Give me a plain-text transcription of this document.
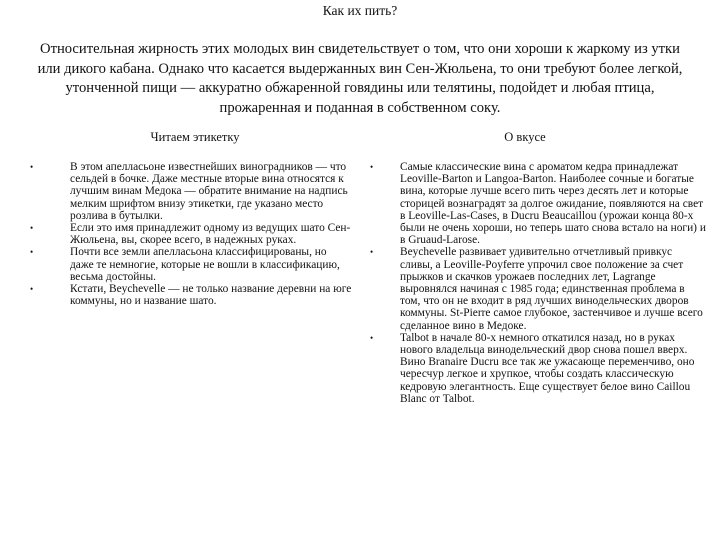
Как их пить?
Относительная жирность этих молодых вин свидетельствует о том, что они хороши к жаркому из утки или дикого кабана. Однако что касается выдержанных вин Сен-Жюльена, то они требуют более легкой, утонченной пищи — аккуратно обжаренной говядины или телятины, подойдет и любая птица, прожаренная и поданная в собственном соку.
Читаем этикетку	О вкусе
•	В этом апелласьоне известнейших виноградников — что сельдей в бочке. Даже местные вторые вина относятся к лучшим винам Медока — обратите внимание на надпись мелким шрифтом внизу этикетки, где указано место розлива в бутылки.
•	Если это имя принадлежит одному из ведущих шато Сен-Жюльена, вы, скорее всего, в надежных руках.
•	Почти все земли апелласьона классифицированы, но даже те немногие, которые не вошли в классификацию, весьма достойны.
•	Кстати, Beychevelle — не только название деревни на юге коммуны, но и название шато.
• Самые классические вина с ароматом кедра принадлежат Leoville-Barton и Langoa-Barton. Наиболее сочные и богатые вина, которые лучше всего пить через десять лет и которые сторицей вознаградят за долгое ожидание, появляются на свет в Leoville-Las-Cases, в Ducru Beaucaillou (урожаи конца 80-х были не очень хороши, но теперь шато снова встало на ноги) и в Gruaud-Larose.
• Beychevelle развивает удивительно отчетливый привкус сливы, а Leoville-Poyferre упрочил свое положение за счет прыжков и скачков урожаев последних лет, Lagrange выровнялся начиная с 1985 года; единственная проблема в том, что он не входит в ряд лучших винодельческих дворов коммуны. St-Pierre самое глубокое, застенчивое и лучше всего сделанное вино в Медоке.
• Talbot в начале 80-х немного откатился назад, но в руках нового владельца винодельческий двор снова пошел вверх. Вино Branaire Ducru все так же ужасающе переменчиво, оно чересчур легкое и хрупкое, чтобы создать классическую кедровую элегантность. Еще существует белое вино Caillou Blanc от Talbot.
